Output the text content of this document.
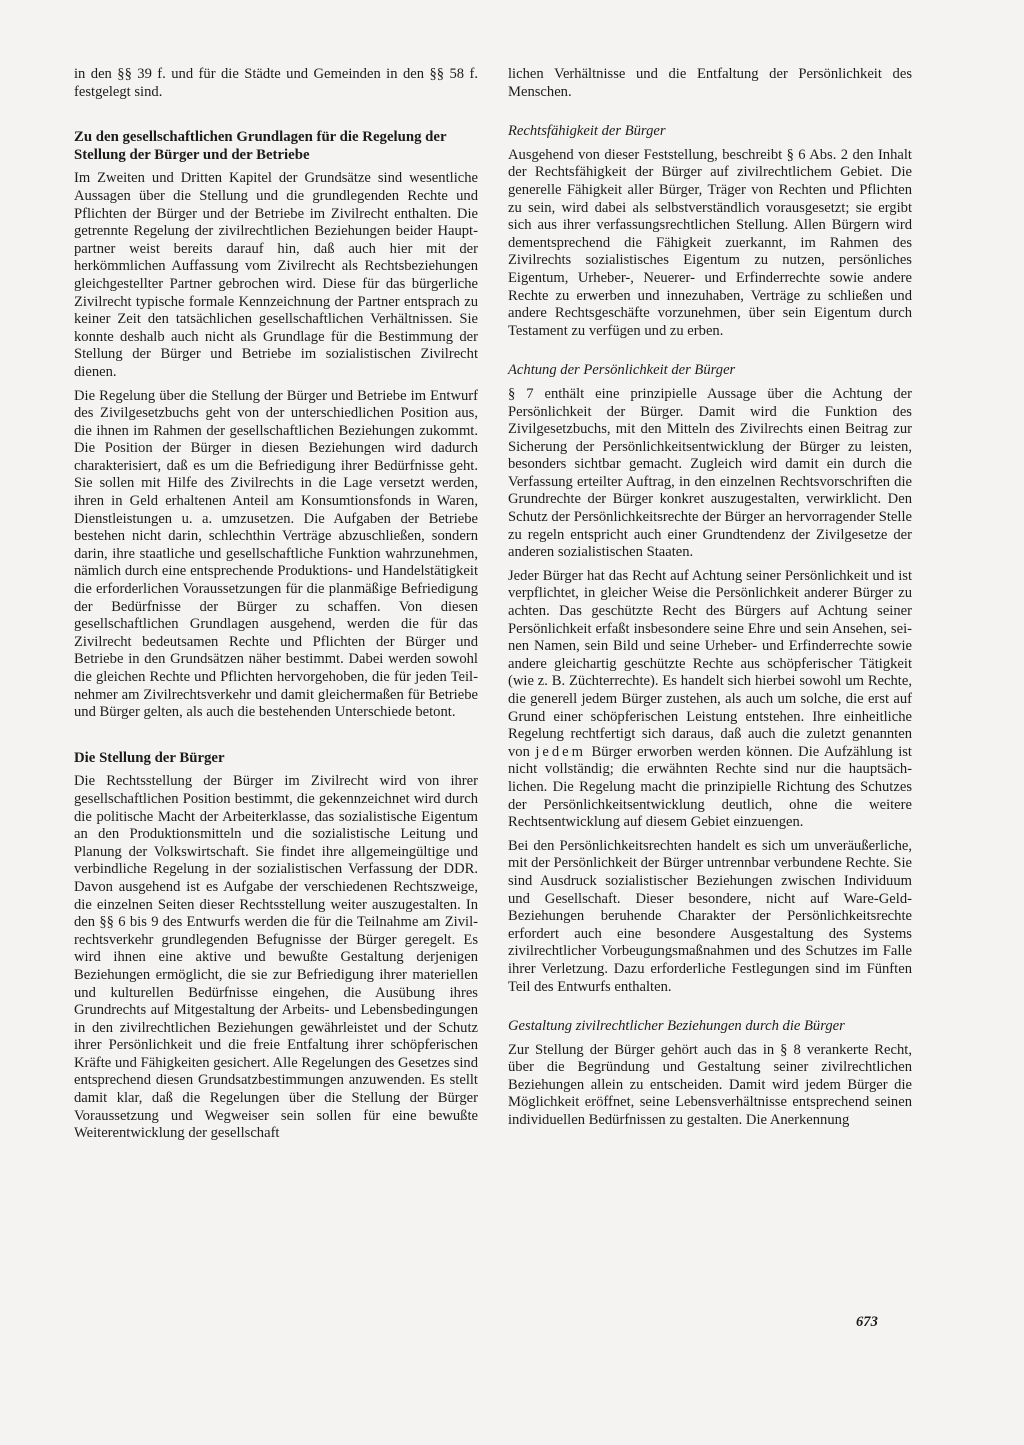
in den §§ 39 f. und für die Städte und Gemeinden in den §§ 58 f. festgelegt sind.

Zu den gesellschaftlichen Grundlagen für die Regelung der Stellung der Bürger und der Betriebe

Im Zweiten und Dritten Kapitel der Grundsätze sind wesentliche Aussagen über die Stellung und die grundlegenden Rechte und Pflichten der Bürger und der Betriebe im Zivilrecht enthalten. Die getrennte Regelung der zivilrechtlichen Beziehungen beider Hauptpartner weist bereits darauf hin, daß auch hier mit der herkömmlichen Auffassung vom Zivilrecht als Rechtsbeziehungen gleichgestellter Partner gebrochen wird. Diese für das bürgerliche Zivilrecht typische formale Kennzeichnung der Partner entsprach zu keiner Zeit den tatsächlichen gesellschaftlichen Verhältnissen. Sie konnte deshalb auch nicht als Grundlage für die Bestimmung der Stellung der Bürger und Betriebe im sozialistischen Zivilrecht dienen.

Die Regelung über die Stellung der Bürger und Betriebe im Entwurf des Zivilgesetzbuchs geht von der unterschiedlichen Position aus, die ihnen im Rahmen der gesellschaftlichen Beziehungen zukommt. Die Position der Bürger in diesen Beziehungen wird dadurch charakterisiert, daß es um die Befriedigung ihrer Bedürfnisse geht. Sie sollen mit Hilfe des Zivilrechts in die Lage versetzt werden, ihren in Geld erhaltenen Anteil am Konsumtionsfonds in Waren, Dienstleistungen u. a. umzusetzen. Die Aufgaben der Betriebe bestehen nicht darin, schlechthin Verträge abzuschließen, sondern darin, ihre staatliche und gesellschaftliche Funktion wahrzunehmen, nämlich durch eine entsprechende Produktions- und Handelstätigkeit die erforderlichen Voraussetzungen für die planmäßige Befriedigung der Bedürfnisse der Bürger zu schaffen. Von diesen gesellschaftlichen Grundlagen ausgehend, werden die für das Zivilrecht bedeutsamen Rechte und Pflichten der Bürger und Betriebe in den Grundsätzen näher bestimmt. Dabei werden sowohl die gleichen Rechte und Pflichten hervorgehoben, die für jeden Teilnehmer am Zivilrechtsverkehr und damit gleichermaßen für Betriebe und Bürger gelten, als auch die bestehenden Unterschiede betont.

Die Stellung der Bürger

Die Rechtsstellung der Bürger im Zivilrecht wird von ihrer gesellschaftlichen Position bestimmt, die gekennzeichnet wird durch die politische Macht der Arbeiterklasse, das sozialistische Eigentum an den Produktionsmitteln und die sozialistische Leitung und Planung der Volkswirtschaft. Sie findet ihre allgemeingültige und verbindliche Regelung in der sozialistischen Verfassung der DDR. Davon ausgehend ist es Aufgabe der verschiedenen Rechtszweige, die einzelnen Seiten dieser Rechtsstellung weiter auszugestalten. In den §§ 6 bis 9 des Entwurfs werden die für die Teilnahme am Zivilrechtsverkehr grundlegenden Befugnisse der Bürger geregelt. Es wird ihnen eine aktive und bewußte Gestaltung derjenigen Beziehungen ermöglicht, die sie zur Befriedigung ihrer materiellen und kulturellen Bedürfnisse eingehen, die Ausübung ihres Grundrechts auf Mitgestaltung der Arbeits- und Lebensbedingungen in den zivilrechtlichen Beziehungen gewährleistet und der Schutz ihrer Persönlichkeit und die freie Entfaltung ihrer schöpferischen Kräfte und Fähigkeiten gesichert. Alle Regelungen des Gesetzes sind entsprechend diesen Grundsatzbestimmungen anzuwenden. Es stellt damit klar, daß die Regelungen über die Stellung der Bürger Voraussetzung und Wegweiser sein sollen für eine bewußte Weiterentwicklung der gesellschaft

lichen Verhältnisse und die Entfaltung der Persönlichkeit des Menschen.

Rechtsfähigkeit der Bürger

Ausgehend von dieser Feststellung, beschreibt § 6 Abs. 2 den Inhalt der Rechtsfähigkeit der Bürger auf zivilrechtlichem Gebiet. Die generelle Fähigkeit aller Bürger, Träger von Rechten und Pflichten zu sein, wird dabei als selbstverständlich vorausgesetzt; sie ergibt sich aus ihrer verfassungsrechtlichen Stellung. Allen Bürgern wird dementsprechend die Fähigkeit zuerkannt, im Rahmen des Zivilrechts sozialistisches Eigentum zu nutzen, persönliches Eigentum, Urheber-, Neuerer- und Erfinderrechte sowie andere Rechte zu erwerben und innezuhaben, Verträge zu schließen und andere Rechtsgeschäfte vorzunehmen, über sein Eigentum durch Testament zu verfügen und zu erben.

Achtung der Persönlichkeit der Bürger

§ 7 enthält eine prinzipielle Aussage über die Achtung der Persönlichkeit der Bürger. Damit wird die Funktion des Zivilgesetzbuchs, mit den Mitteln des Zivilrechts einen Beitrag zur Sicherung der Persönlichkeitsentwicklung der Bürger zu leisten, besonders sichtbar gemacht. Zugleich wird damit ein durch die Verfassung erteilter Auftrag, in den einzelnen Rechtsvorschriften die Grundrechte der Bürger konkret auszugestalten, verwirklicht. Den Schutz der Persönlichkeitsrechte der Bürger an hervorragender Stelle zu regeln entspricht auch einer Grundtendenz der Zivilgesetze der anderen sozialistischen Staaten.

Jeder Bürger hat das Recht auf Achtung seiner Persönlichkeit und ist verpflichtet, in gleicher Weise die Persönlichkeit anderer Bürger zu achten. Das geschützte Recht des Bürgers auf Achtung seiner Persönlichkeit erfaßt insbesondere seine Ehre und sein Ansehen, seinen Namen, sein Bild und seine Urheber- und Erfinderrechte sowie andere gleichartig geschützte Rechte aus schöpferischer Tätigkeit (wie z. B. Züchterrechte). Es handelt sich hierbei sowohl um Rechte, die generell jedem Bürger zustehen, als auch um solche, die erst auf Grund einer schöpferischen Leistung entstehen. Ihre einheitliche Regelung rechtfertigt sich daraus, daß auch die zuletzt genannten von jedem Bürger erworben werden können. Die Aufzählung ist nicht vollständig; die erwähnten Rechte sind nur die hauptsächlichen. Die Regelung macht die prinzipielle Richtung des Schutzes der Persönlichkeitsentwicklung deutlich, ohne die weitere Rechtsentwicklung auf diesem Gebiet einzuengen.

Bei den Persönlichkeitsrechten handelt es sich um unveräußerliche, mit der Persönlichkeit der Bürger untrennbar verbundene Rechte. Sie sind Ausdruck sozialistischer Beziehungen zwischen Individuum und Gesellschaft. Dieser besondere, nicht auf Ware-Geld-Beziehungen beruhende Charakter der Persönlichkeitsrechte erfordert auch eine besondere Ausgestaltung des Systems zivilrechtlicher Vorbeugungsmaßnahmen und des Schutzes im Falle ihrer Verletzung. Dazu erforderliche Festlegungen sind im Fünften Teil des Entwurfs enthalten.

Gestaltung zivilrechtlicher Beziehungen durch die Bürger

Zur Stellung der Bürger gehört auch das in § 8 verankerte Recht, über die Begründung und Gestaltung seiner zivilrechtlichen Beziehungen allein zu entscheiden. Damit wird jedem Bürger die Möglichkeit eröffnet, seine Lebensverhältnisse entsprechend seinen individuellen Bedürfnissen zu gestalten. Die Anerkennung

673
